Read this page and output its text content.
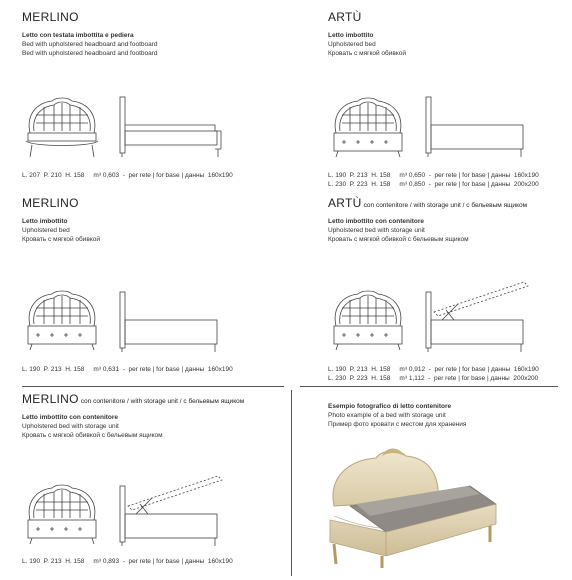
MERLINO
Letto con testata imbottita e pediera
Bed with upholstered headboard and footboard
Bed with upholstered headboard and footboard
L. 207  P. 210  H. 158     m³ 0,603  -  per rete | for base | данны  160x190
ARTÙ
Letto imbottito
Upholstered bed
Кровать с мягкой обивкой
L. 190  P. 213  H. 158     m³ 0,650  -  per rete | for base | данны  160x190
L. 230  P. 223  H. 158     m³ 0,850  -  per rete | for base | данны  200x200
MERLINO
Letto imbottito
Upholstered bed
Кровать с мягкой обивкой
L. 190  P. 213  H. 158     m³ 0,631  -  per rete | for base | данны  160x190
ARTÙ con contenitore / with storage unit / с бельевым ящиком
Letto imbottito con contenitore
Upholstered bed with storage unit
Кровать с мягкой обивкой с бельевым ящиком
L. 190  P. 213  H. 158     m³ 0,912  -  per rete | for base | данны  160x190
L. 230  P. 223  H. 158     m³ 1,112  -  per rete | for base | данны  200x200
MERLINO con contenitore / with storage unit / с бельевым ящиком
Letto imbottito con contenitore
Upholstered bed with storage unit
Кровать с мягкой обивкой с бельевым ящиком
L. 190  P. 213  H. 158     m³ 0,893  -  per rete | for base | данны  160x190
Esempio fotografico di letto contenitore
Photo example of a bed with storage unit
Пример фото кровати с местом для хранения
